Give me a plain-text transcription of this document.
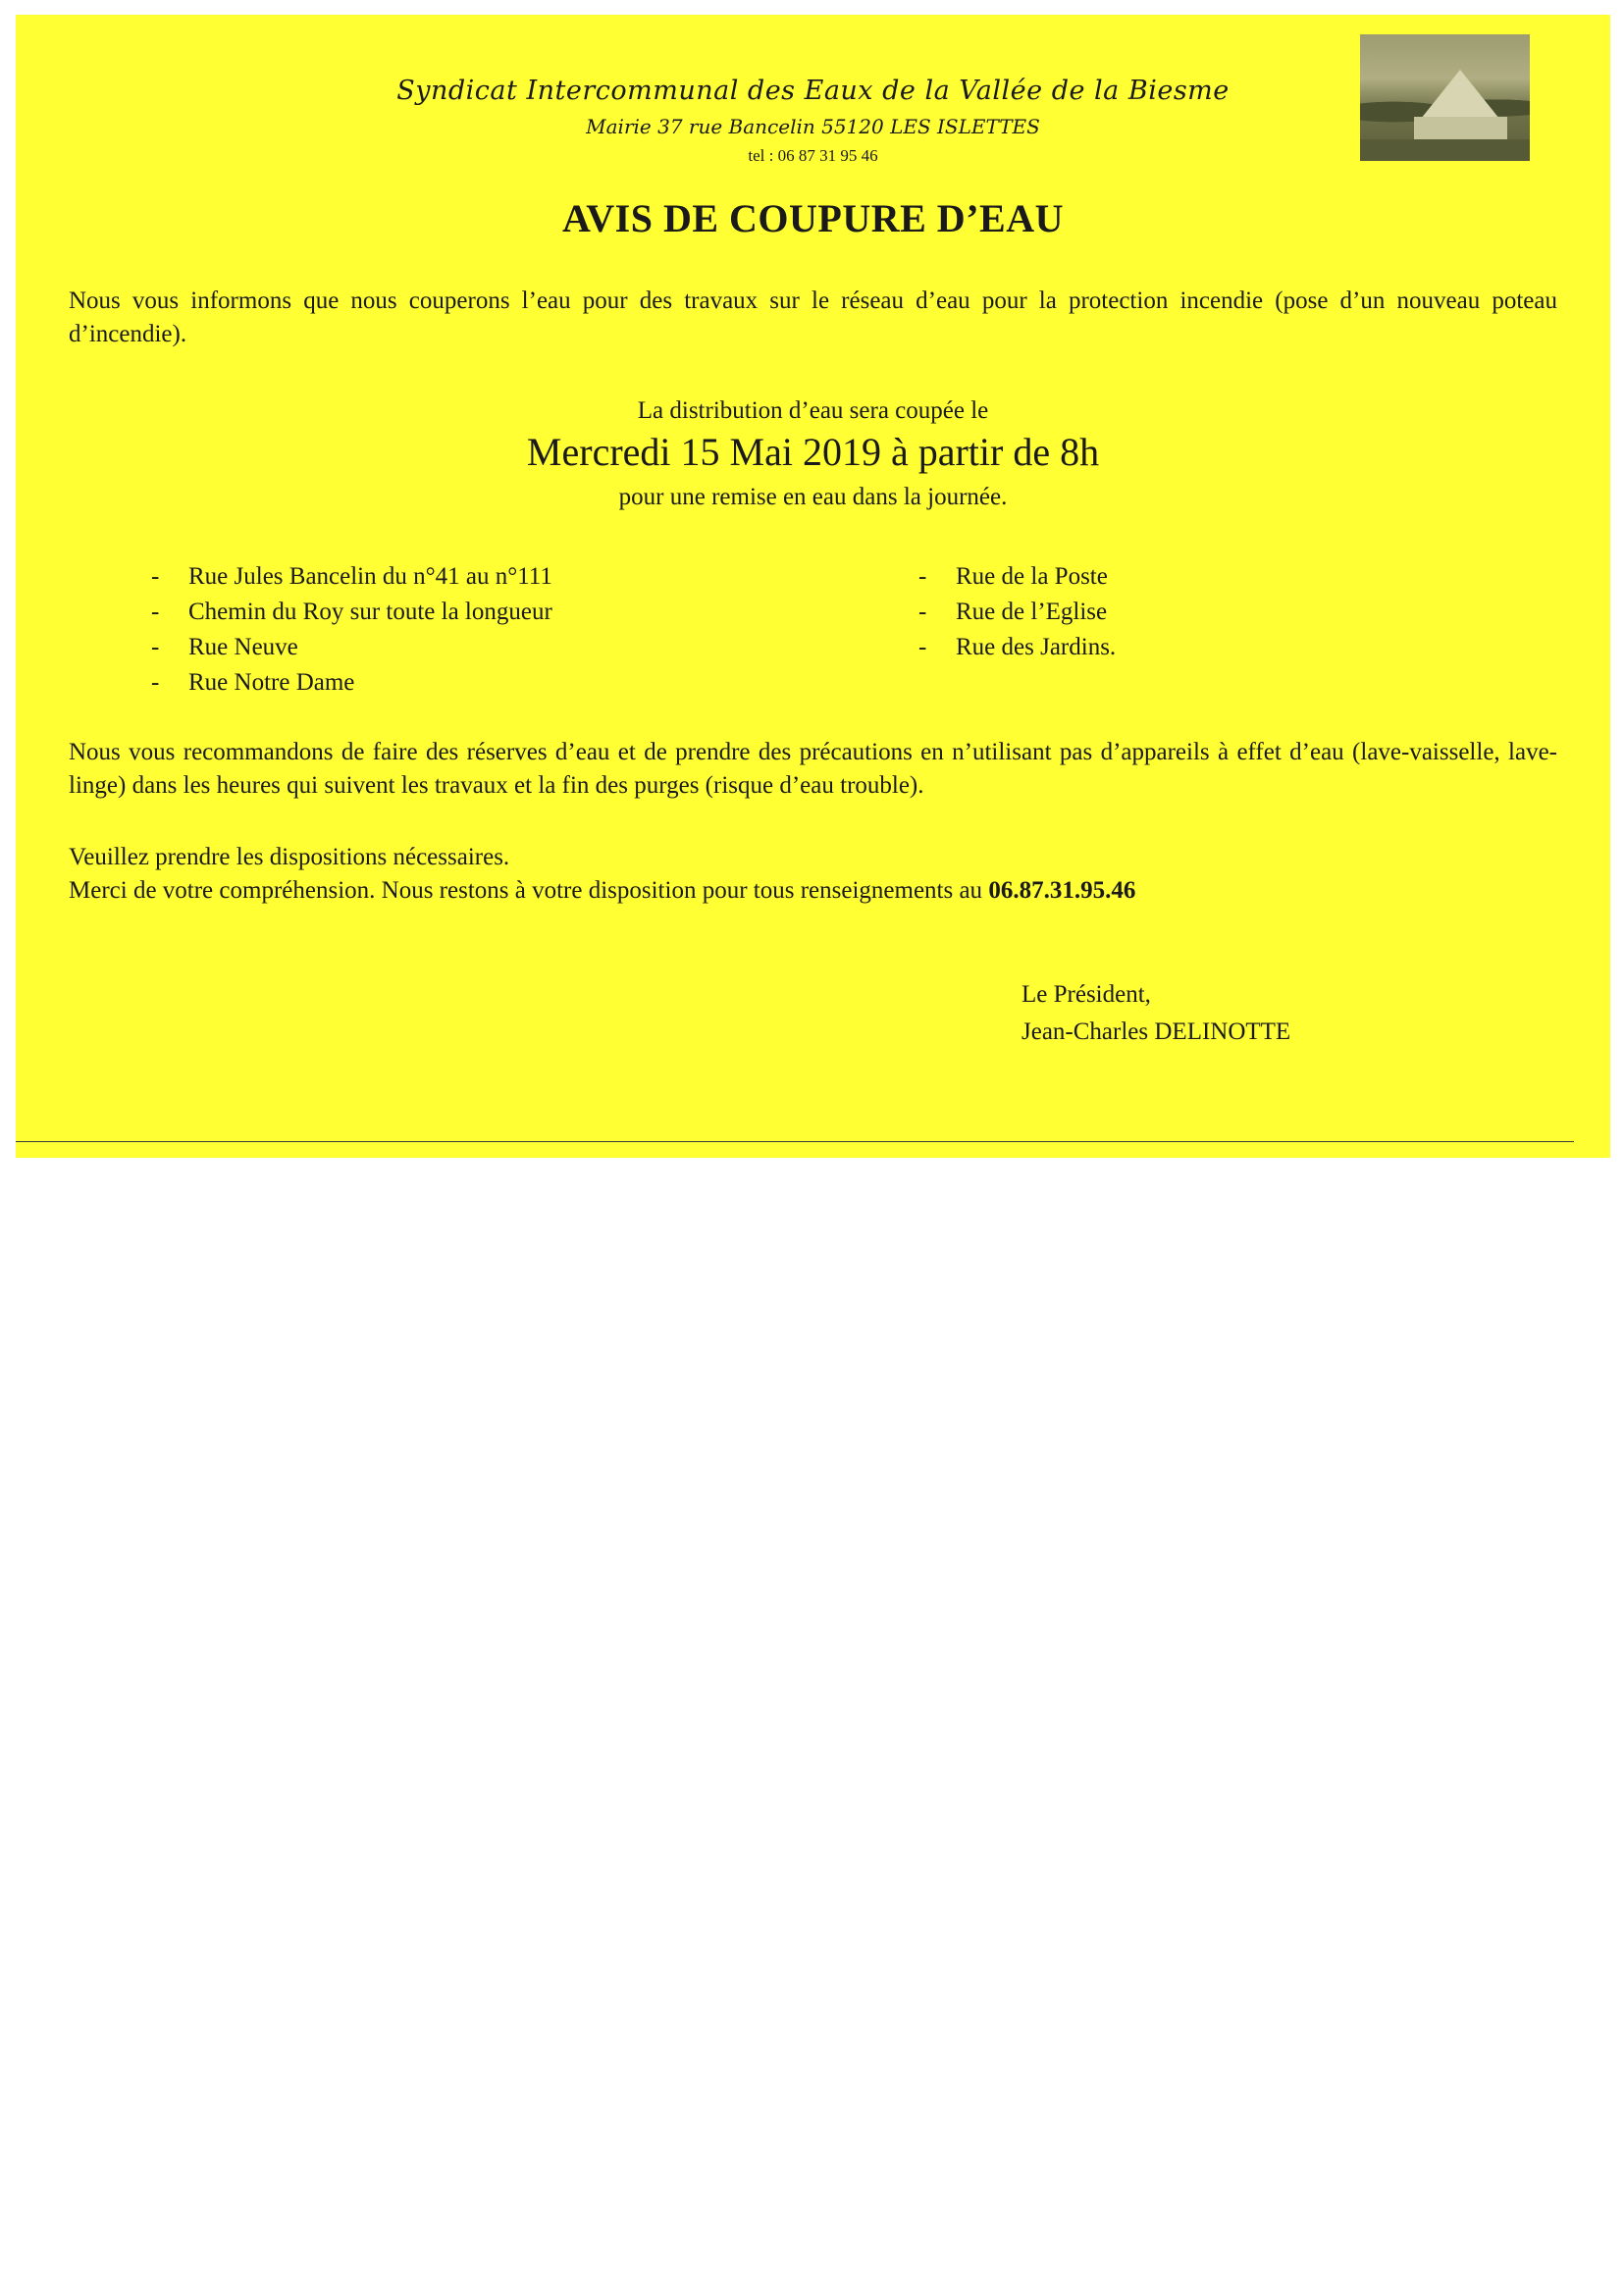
Syndicat Intercommunal des Eaux de la Vallée de la Biesme
Mairie 37 rue Bancelin 55120 LES ISLETTES
tel : 06 87 31 95 46
AVIS DE COUPURE D’EAU
Nous vous informons que nous couperons l’eau pour des travaux sur le réseau d’eau pour la protection incendie (pose d’un nouveau poteau d’incendie).
La distribution d’eau sera coupée le
Mercredi 15 Mai 2019 à partir de 8h
pour une remise en eau dans la journée.
- Rue Jules Bancelin du n°41 au n°111
- Chemin du Roy sur toute la longueur
- Rue Neuve
- Rue Notre Dame
- Rue de la Poste
- Rue de l’Eglise
- Rue des Jardins.
Nous vous recommandons de faire des réserves d’eau et de prendre des précautions en n’utilisant pas d’appareils à effet d’eau (lave-vaisselle, lave-linge) dans les heures qui suivent les travaux et la fin des purges (risque d’eau trouble).
Veuillez prendre les dispositions nécessaires.
Merci de votre compréhension. Nous restons à votre disposition pour tous renseignements au 06.87.31.95.46
Le Président,
Jean-Charles DELINOTTE
